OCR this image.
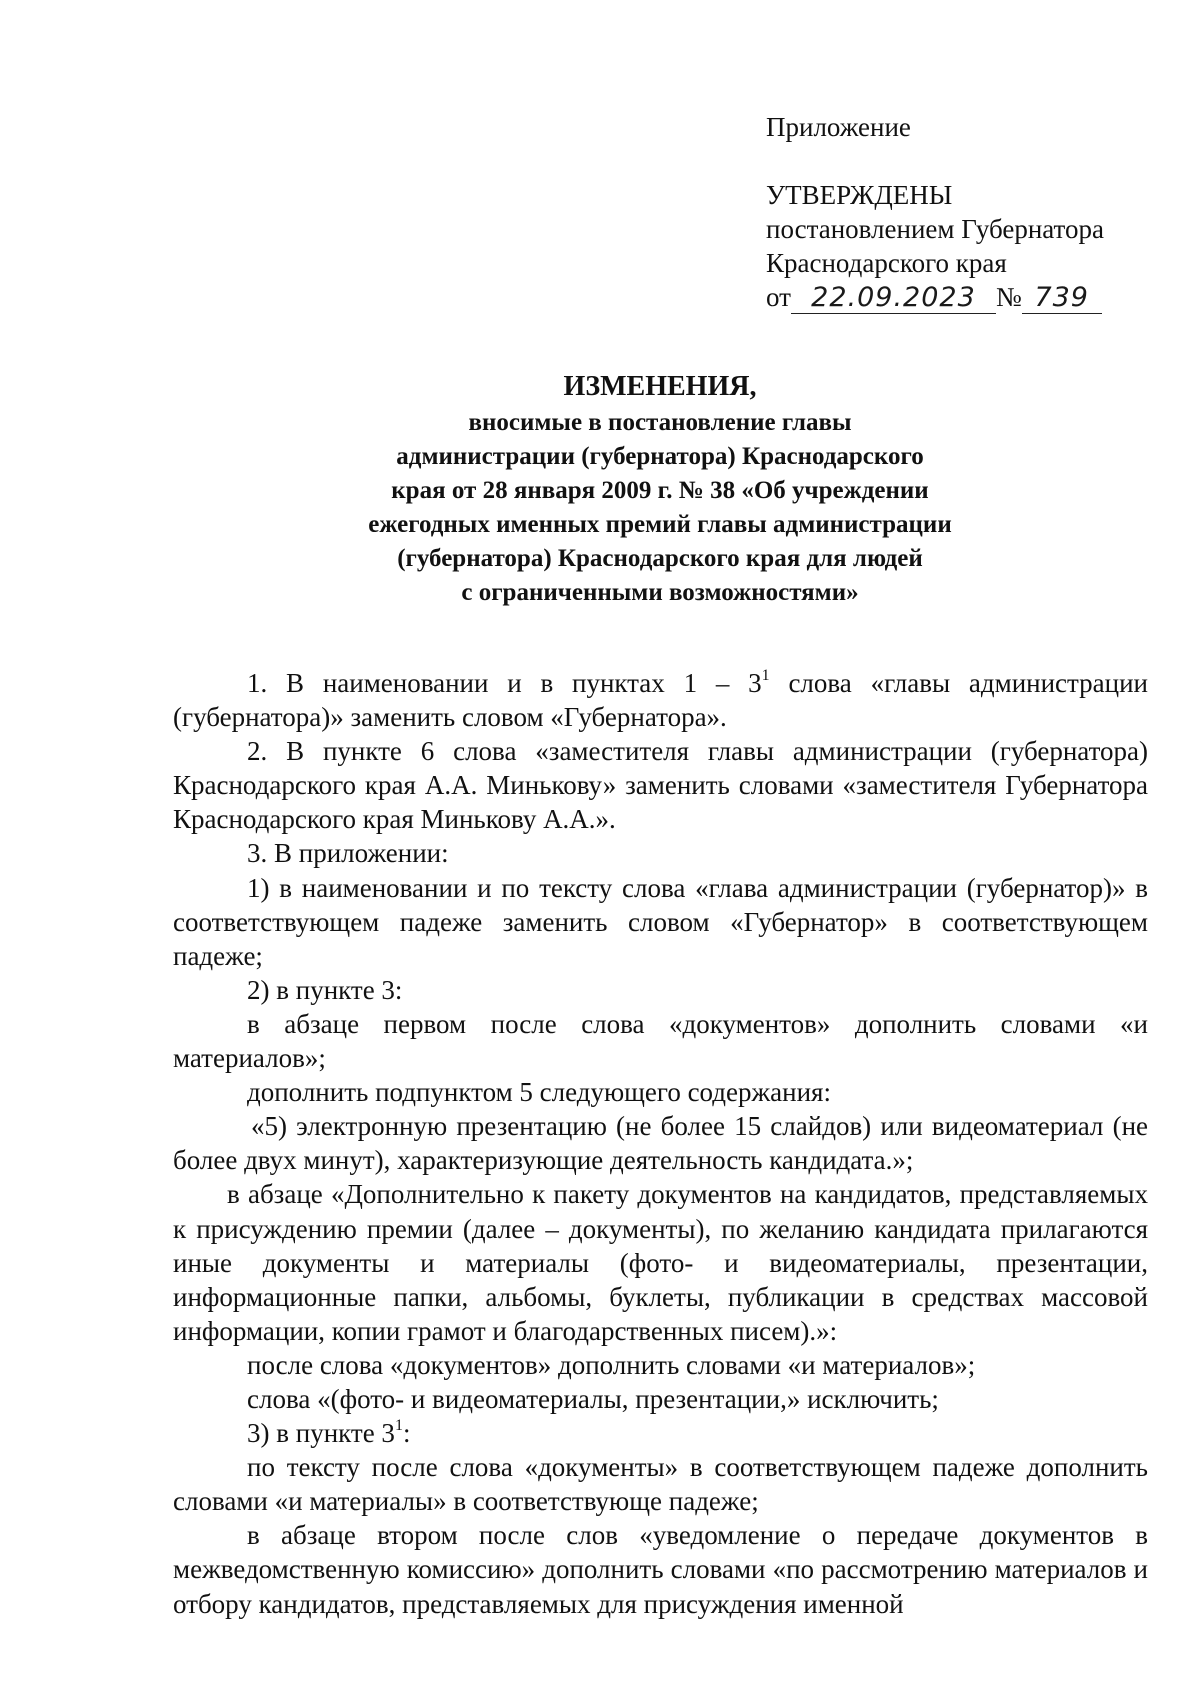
Приложение
УТВЕРЖДЕНЫ
постановлением Губернатора
Краснодарского края
от 22.09.2023 № 739
ИЗМЕНЕНИЯ,
вносимые в постановление главы
администрации (губернатора) Краснодарского
края от 28 января 2009 г. № 38 «Об учреждении
ежегодных именных премий главы администрации
(губернатора) Краснодарского края для людей
с ограниченными возможностями»

1. В наименовании и в пунктах $1 - 3^1$ слова «главы администрации (губернатора)» заменить словом «Губернатора».

2. В пункте 6 слова «заместителя главы администрации (губернатора) Краснодарского края А.А. Минькову» заменить словами «заместителя Губернатора Краснодарского края Минькову А.А.».

3. В приложении:

1) в наименовании и по тексту слова «глава администрации (губернатор)» в соответствующем падеже заменить словом «Губернатор» в соответствующем падеже;

2) в пункте 3:

в абзаце первом после слова «документов» дополнить словами «и материалов»;

дополнить подпунктом 5 следующего содержания:

«5) электронную презентацию (не более 15 слайдов) или видеоматериал (не более двух минут), характеризующие деятельность кандидата.»;

в абзаце «Дополнительно к пакету документов на кандидатов, представляемых к присуждению премии (далее – документы), по желанию кандидата прилагаются иные документы и материалы (фото- и видеоматериалы, презентации, информационные папки, альбомы, буклеты, публикации в средствах массовой информации, копии грамот и благодарственных писем).»:

после слова «документов» дополнить словами «и материалов»;

слова «(фото- и видеоматериалы, презентации,» исключить;

3) в пункте $3^1$:

по тексту после слова «документы» в соответствующем падеже дополнить словами «и материалы» в соответствующе падеже;

в абзаце втором после слов «уведомление о передаче документов в межведомственную комиссию» дополнить словами «по рассмотрению материалов и отбору кандидатов, представляемых для присуждения именной
